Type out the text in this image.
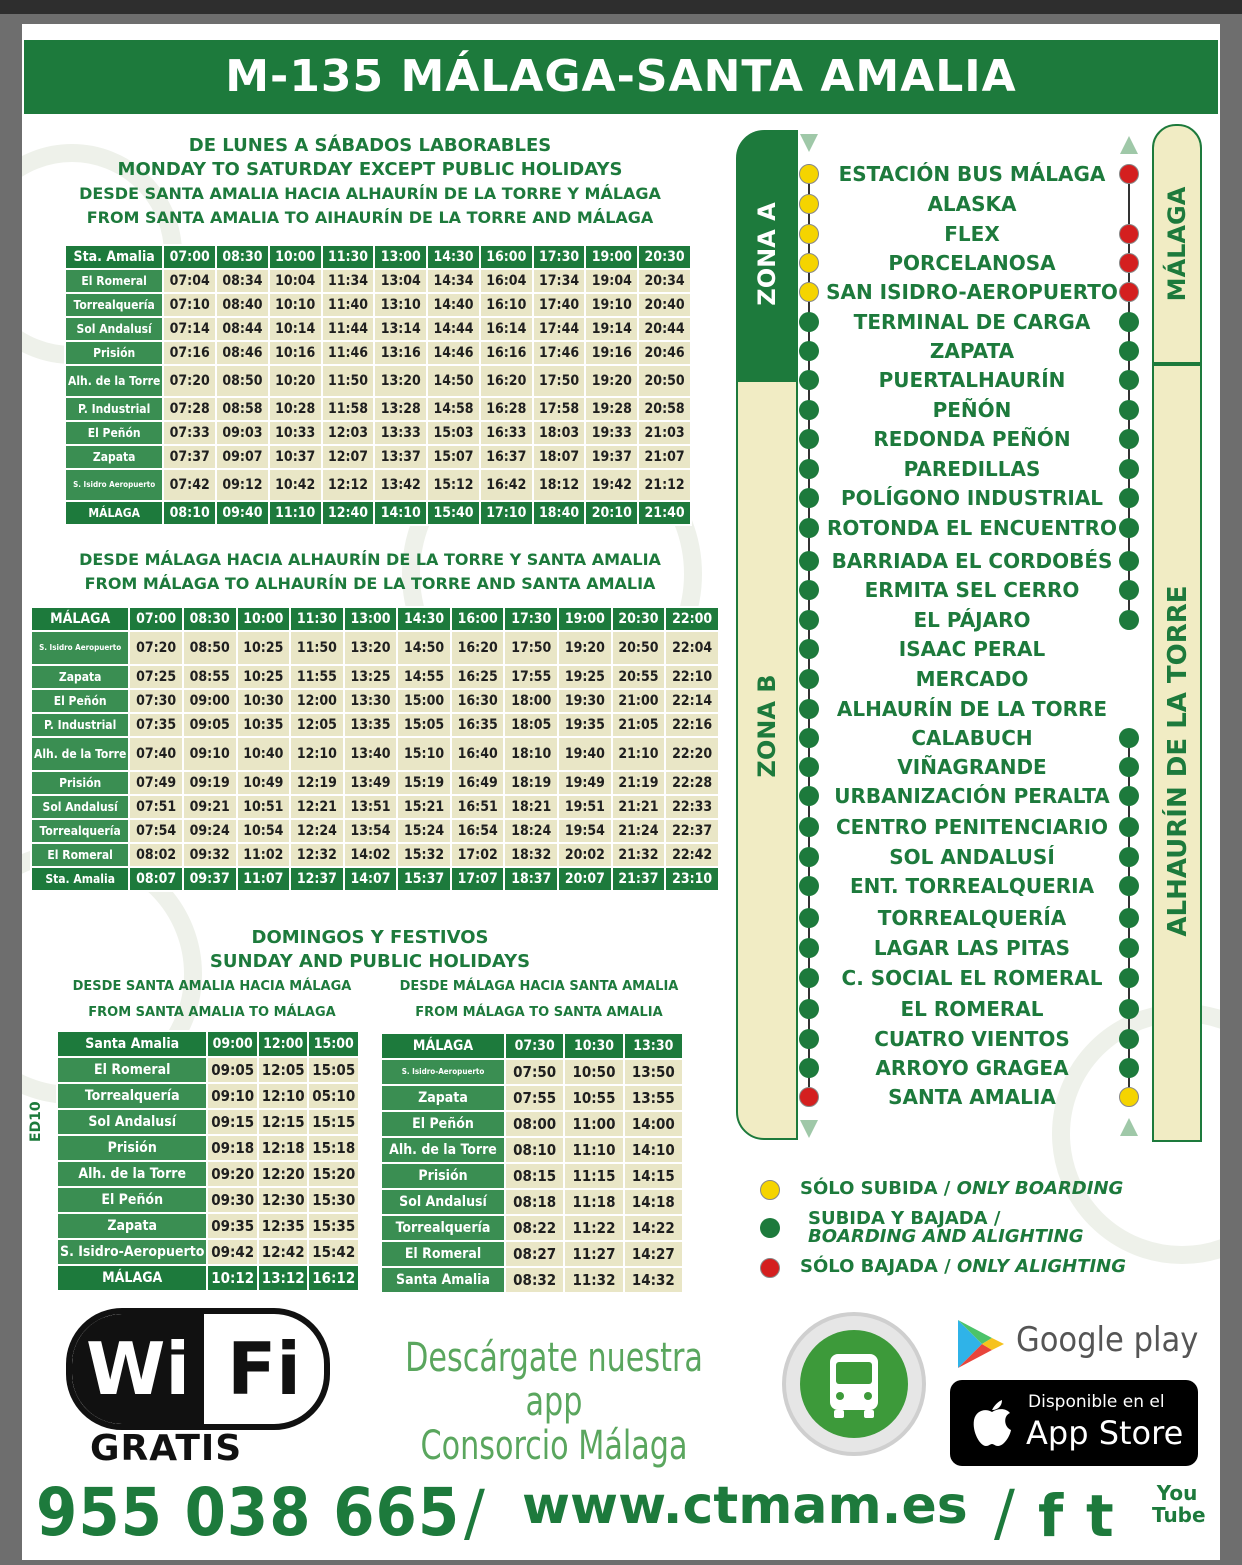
M-135 MÁLAGA-SANTA AMALIA
DE LUNES A SÁBADOS LABORABLES
MONDAY TO SATURDAY EXCEPT PUBLIC HOLIDAYS
DESDE SANTA AMALIA HACIA ALHAURÍN DE LA TORRE Y MÁLAGA
FROM SANTA AMALIA TO AIHAURÍN DE LA TORRE AND MÁLAGA
Sta. Amalia	07:00	08:30	10:00	11:30	13:00	14:30	16:00	17:30	19:00	20:30
El Romeral	07:04	08:34	10:04	11:34	13:04	14:34	16:04	17:34	19:04	20:34
Torrealquería	07:10	08:40	10:10	11:40	13:10	14:40	16:10	17:40	19:10	20:40
Sol Andalusí	07:14	08:44	10:14	11:44	13:14	14:44	16:14	17:44	19:14	20:44
Prisión	07:16	08:46	10:16	11:46	13:16	14:46	16:16	17:46	19:16	20:46
Alh. de la Torre	07:20	08:50	10:20	11:50	13:20	14:50	16:20	17:50	19:20	20:50
P. Industrial	07:28	08:58	10:28	11:58	13:28	14:58	16:28	17:58	19:28	20:58
El Peñón	07:33	09:03	10:33	12:03	13:33	15:03	16:33	18:03	19:33	21:03
Zapata	07:37	09:07	10:37	12:07	13:37	15:07	16:37	18:07	19:37	21:07
S. Isidro Aeropuerto	07:42	09:12	10:42	12:12	13:42	15:12	16:42	18:12	19:42	21:12
MÁLAGA	08:10	09:40	11:10	12:40	14:10	15:40	17:10	18:40	20:10	21:40
DESDE MÁLAGA HACIA ALHAURÍN DE LA TORRE Y SANTA AMALIA
FROM MÁLAGA TO ALHAURÍN DE LA TORRE AND SANTA AMALIA
MÁLAGA	07:00	08:30	10:00	11:30	13:00	14:30	16:00	17:30	19:00	20:30	22:00
S. Isidro Aeropuerto	07:20	08:50	10:25	11:50	13:20	14:50	16:20	17:50	19:20	20:50	22:04
Zapata	07:25	08:55	10:25	11:55	13:25	14:55	16:25	17:55	19:25	20:55	22:10
El Peñón	07:30	09:00	10:30	12:00	13:30	15:00	16:30	18:00	19:30	21:00	22:14
P. Industrial	07:35	09:05	10:35	12:05	13:35	15:05	16:35	18:05	19:35	21:05	22:16
Alh. de la Torre	07:40	09:10	10:40	12:10	13:40	15:10	16:40	18:10	19:40	21:10	22:20
Prisión	07:49	09:19	10:49	12:19	13:49	15:19	16:49	18:19	19:49	21:19	22:28
Sol Andalusí	07:51	09:21	10:51	12:21	13:51	15:21	16:51	18:21	19:51	21:21	22:33
Torrealquería	07:54	09:24	10:54	12:24	13:54	15:24	16:54	18:24	19:54	21:24	22:37
El Romeral	08:02	09:32	11:02	12:32	14:02	15:32	17:02	18:32	20:02	21:32	22:42
Sta. Amalia	08:07	09:37	11:07	12:37	14:07	15:37	17:07	18:37	20:07	21:37	23:10
DOMINGOS Y FESTIVOS
SUNDAY AND PUBLIC HOLIDAYS
DESDE SANTA AMALIA HACIA MÁLAGA
FROM SANTA AMALIA TO MÁLAGA
DESDE MÁLAGA HACIA SANTA AMALIA
FROM MÁLAGA TO SANTA AMALIA
Santa Amalia	09:00	12:00	15:00
El Romeral	09:05	12:05	15:05
Torrealquería	09:10	12:10	05:10
Sol Andalusí	09:15	12:15	15:15
Prisión	09:18	12:18	15:18
Alh. de la Torre	09:20	12:20	15:20
El Peñón	09:30	12:30	15:30
Zapata	09:35	12:35	15:35
S. Isidro-Aeropuerto	09:42	12:42	15:42
MÁLAGA	10:12	13:12	16:12
MÁLAGA	07:30	10:30	13:30
S. Isidro-Aeropuerto	07:50	10:50	13:50
Zapata	07:55	10:55	13:55
El Peñón	08:00	11:00	14:00
Alh. de la Torre	08:10	11:10	14:10
Prisión	08:15	11:15	14:15
Sol Andalusí	08:18	11:18	14:18
Torrealquería	08:22	11:22	14:22
El Romeral	08:27	11:27	14:27
Santa Amalia	08:32	11:32	14:32
ED10
ZONA A
ZONA B
MÁLAGA
ALHAURÍN DE LA TORRE
ESTACIÓN BUS MÁLAGA
ALASKA
FLEX
PORCELANOSA
SAN ISIDRO-AEROPUERTO
TERMINAL DE CARGA
ZAPATA
PUERTALHAURÍN
PEÑÓN
REDONDA PEÑÓN
PAREDILLAS
POLÍGONO INDUSTRIAL
ROTONDA EL ENCUENTRO
BARRIADA EL CORDOBÉS
ERMITA SEL CERRO
EL PÁJARO
ISAAC PERAL
MERCADO
ALHAURÍN DE LA TORRE
CALABUCH
VIÑAGRANDE
URBANIZACIÓN PERALTA
CENTRO PENITENCIARIO
SOL ANDALUSÍ
ENT. TORREALQUERIA
TORREALQUERÍA
LAGAR LAS PITAS
C. SOCIAL EL ROMERAL
EL ROMERAL
CUATRO VIENTOS
ARROYO GRAGEA
SANTA AMALIA
SÓLO SUBIDA / ONLY BOARDING
SUBIDA Y BAJADA /
BOARDING AND ALIGHTING
SÓLO BAJADA / ONLY ALIGHTING
Wi Fi
GRATIS
Descárgate nuestra app
Consorcio Málaga
Google play
Disponible en el
App Store
955 038 665 / www.ctmam.es / f t You Tube
